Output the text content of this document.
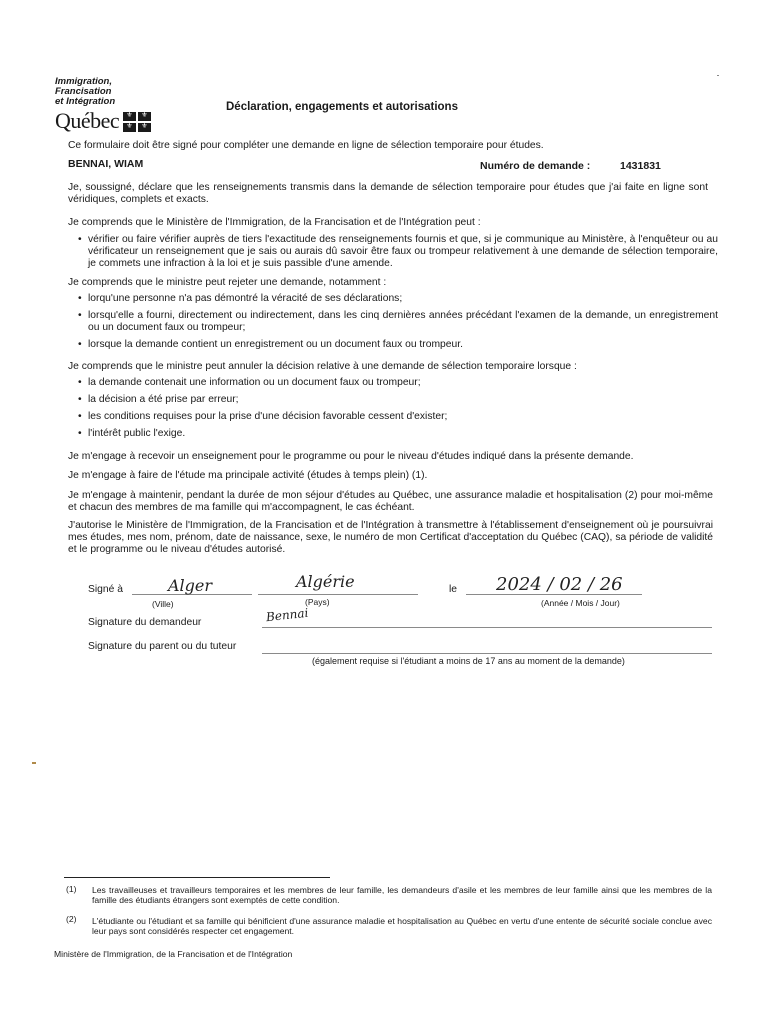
Immigration,
Francisation
et Intégration
Québec
⚜
⚜
⚜
⚜
Déclaration, engagements et autorisations
Ce formulaire doit être signé pour compléter une demande en ligne de sélection temporaire pour études.
BENNAI, WIAM	Numéro de demande :	1431831
Je, soussigné, déclare que les renseignements transmis dans la demande de sélection temporaire pour études que j'ai faite en ligne sont véridiques, complets et exacts.
Je comprends que le Ministère de l'Immigration, de la Francisation et de l'Intégration peut :
• vérifier ou faire vérifier auprès de tiers l'exactitude des renseignements fournis et que, si je communique au Ministère, à l'enquêteur ou au vérificateur un renseignement que je sais ou aurais dû savoir être faux ou trompeur relativement à une demande de sélection temporaire, je commets une infraction à la loi et je suis passible d'une amende.
Je comprends que le ministre peut rejeter une demande, notamment :
• lorqu'une personne n'a pas démontré la véracité de ses déclarations;
• lorsqu'elle a fourni, directement ou indirectement, dans les cinq dernières années précédant l'examen de la demande, un enregistrement ou un document faux ou trompeur;
• lorsque la demande contient un enregistrement ou un document faux ou trompeur.
Je comprends que le ministre peut annuler la décision relative à une demande de sélection temporaire lorsque :
• la demande contenait une information ou un document faux ou trompeur;
• la décision a été prise par erreur;
• les conditions requises pour la prise d'une décision favorable cessent d'exister;
• l'intérêt public l'exige.
Je m'engage à recevoir un enseignement pour le programme ou pour le niveau d'études indiqué dans la présente demande.
Je m'engage à faire de l'étude ma principale activité (études à temps plein) (1).
Je m'engage à maintenir, pendant la durée de mon séjour d'études au Québec, une assurance maladie et hospitalisation (2) pour moi-même et chacun des membres de ma famille qui m'accompagnent, le cas échéant.
J'autorise le Ministère de l'Immigration, de la Francisation et de l'Intégration à transmettre à l'établissement d'enseignement où je poursuivrai mes études, mes nom, prénom, date de naissance, sexe, le numéro de mon Certificat d'acceptation du Québec (CAQ), sa période de validité et le programme ou le niveau d'études autorisé.
Signé à	Alger
(Ville)
Algérie
(Pays)
le 2024 / 02 / 26
(Année / Mois / Jour)
Signature du demandeur	Bennai
Signature du parent ou du tuteur
(également requise si l'étudiant a moins de 17 ans au moment de la demande)
(1) Les travailleuses et travailleurs temporaires et les membres de leur famille, les demandeurs d'asile et les membres de leur famille ainsi que les membres de la famille des étudiants étrangers sont exemptés de cette condition.
(2) L'étudiante ou l'étudiant et sa famille qui bénificient d'une assurance maladie et hospitalisation au Québec en vertu d'une entente de sécurité sociale conclue avec leur pays sont considérés respecter cet engagement.
Ministère de l'Immigration, de la Francisation et de l'Intégration
